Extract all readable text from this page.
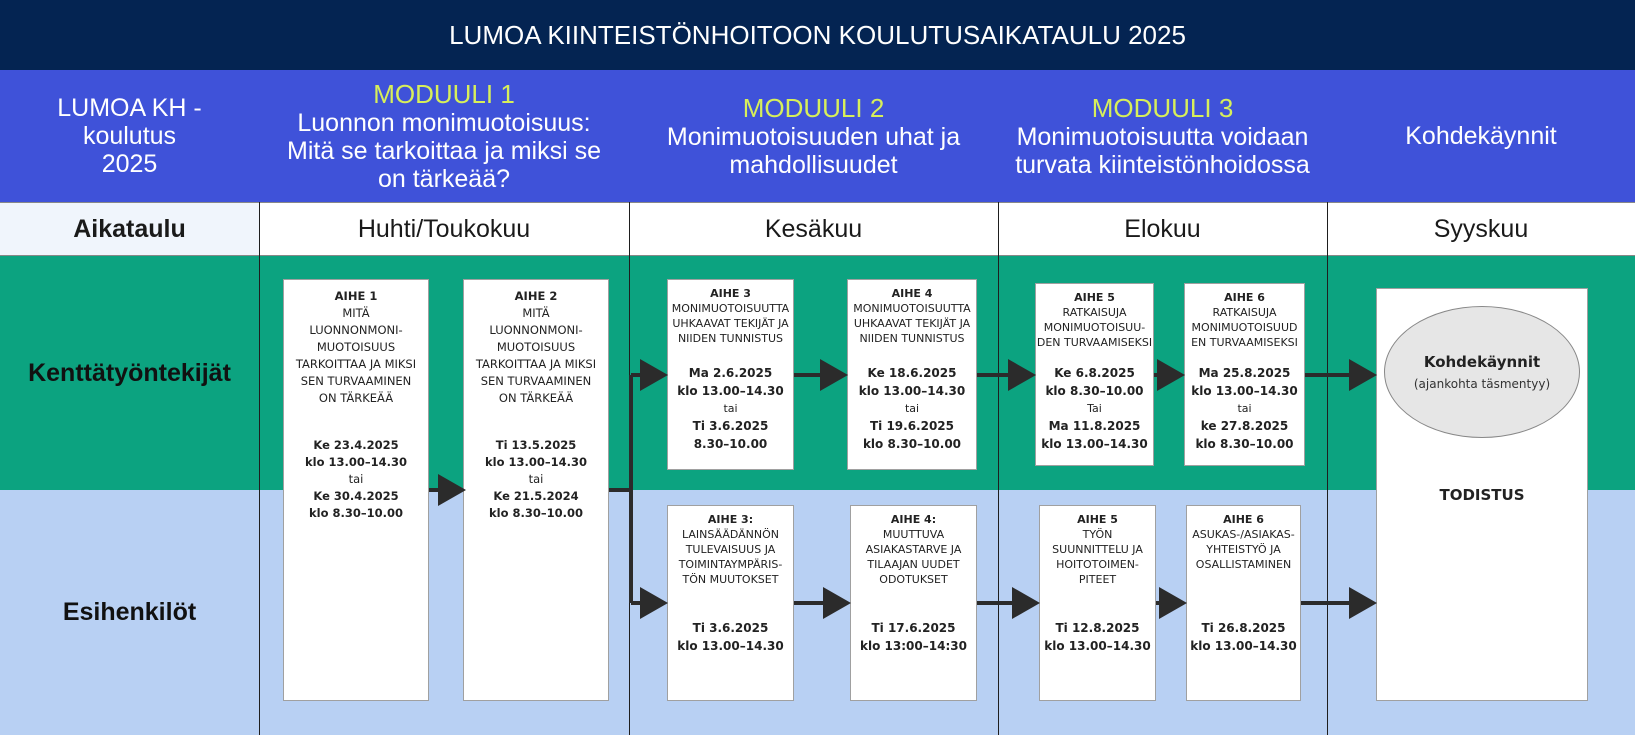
LUMOA KIINTEISTÖNHOITOON KOULUTUSAIKATAULU 2025
LUMOA KH -
koulutus
2025
MODUULI 1
Luonnon monimuotoisuus:
Mitä se tarkoittaa ja miksi se
on tärkeää?
MODUULI 2
Monimuotoisuuden uhat ja
mahdollisuudet
MODUULI 3
Monimuotoisuutta voidaan
turvata kiinteistönhoidossa
Kohdekäynnit
Aikataulu	Huhti/Toukokuu	Kesäkuu	Elokuu	Syyskuu
Kenttätyöntekijät
Esihenkilöt
AIHE 1
MITÄ
LUONNONMONI-
MUOTOISUUS
TARKOITTAA JA MIKSI
SEN TURVAAMINEN
ON TÄRKEÄÄ
Ke 23.4.2025
klo 13.00–14.30
tai
Ke 30.4.2025
klo 8.30–10.00
AIHE 2
MITÄ
LUONNONMONI-
MUOTOISUUS
TARKOITTAA JA MIKSI
SEN TURVAAMINEN
ON TÄRKEÄÄ
Ti 13.5.2025
klo 13.00–14.30
tai
Ke 21.5.2024
klo 8.30–10.00
AIHE 3
MONIMUOTOISUUTTA
UHKAAVAT TEKIJÄT JA
NIIDEN TUNNISTUS
Ma 2.6.2025
klo 13.00–14.30
tai
Ti 3.6.2025
8.30–10.00
AIHE 4
MONIMUOTOISUUTTA
UHKAAVAT TEKIJÄT JA
NIIDEN TUNNISTUS
Ke 18.6.2025
klo 13.00–14.30
tai
Ti 19.6.2025
klo 8.30–10.00
AIHE 5
RATKAISUJA
MONIMUOTOISUU-
DEN TURVAAMISEKSI
Ke 6.8.2025
klo 8.30–10.00
Tai
Ma 11.8.2025
klo 13.00–14.30
AIHE 6
RATKAISUJA
MONIMUOTOISUUD
EN TURVAAMISEKSI
Ma 25.8.2025
klo 13.00–14.30
tai
ke 27.8.2025
klo 8.30–10.00
AIHE 3:
LAINSÄÄDÄNNÖN
TULEVAISUUS JA
TOIMINTAYMPÄRIS-
TÖN MUUTOKSET
Ti 3.6.2025
klo 13.00–14.30
AIHE 4:
MUUTTUVA
ASIAKASTARVE JA
TILAAJAN UUDET
ODOTUKSET
Ti 17.6.2025
klo 13:00–14:30
AIHE 5
TYÖN
SUUNNITTELU JA
HOITOTOIMEN-
PITEET
Ti 12.8.2025
klo 13.00–14.30
AIHE 6
ASUKAS-/ASIAKAS-
YHTEISTYÖ JA
OSALLISTAMINEN
Ti 26.8.2025
klo 13.00–14.30
Kohdekäynnit
(ajankohta täsmentyy)
TODISTUS
